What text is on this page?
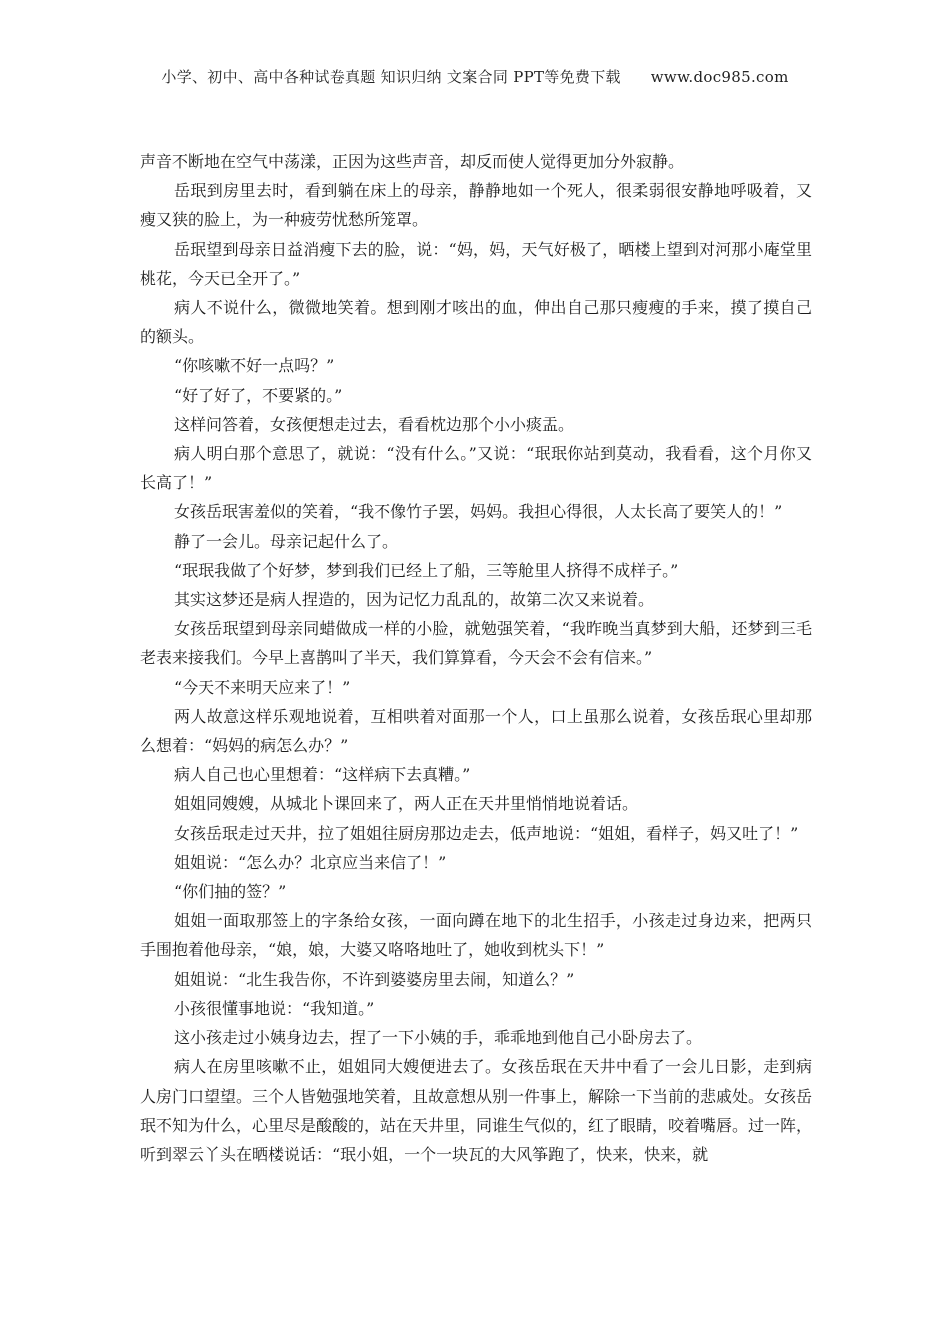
小学、初中、高中各种试卷真题 知识归纳 文案合同 PPT等免费下载 www.doc985.com

声音不断地在空气中荡漾，正因为这些声音，却反而使人觉得更加分外寂静。

岳珉到房里去时，看到躺在床上的母亲，静静地如一个死人，很柔弱很安静地呼吸着，又瘦又狭的脸上，为一种疲劳忧愁所笼罩。

岳珉望到母亲日益消瘦下去的脸，说：“妈，妈，天气好极了，晒楼上望到对河那小庵堂里桃花，今天已全开了。”

病人不说什么，微微地笑着。想到刚才咳出的血，伸出自己那只瘦瘦的手来，摸了摸自己的额头。

“你咳嗽不好一点吗？”

“好了好了，不要紧的。”

这样问答着，女孩便想走过去，看看枕边那个小小痰盂。

病人明白那个意思了，就说：“没有什么。”又说：“珉珉你站到莫动，我看看，这个月你又长高了！”

女孩岳珉害羞似的笑着，“我不像竹子罢，妈妈。我担心得很，人太长高了要笑人的！”

静了一会儿。母亲记起什么了。

“珉珉我做了个好梦，梦到我们已经上了船，三等舱里人挤得不成样子。”

其实这梦还是病人捏造的，因为记忆力乱乱的，故第二次又来说着。

女孩岳珉望到母亲同蜡做成一样的小脸，就勉强笑着，“我昨晚当真梦到大船，还梦到三毛老表来接我们。今早上喜鹊叫了半天，我们算算看，今天会不会有信来。”

“今天不来明天应来了！”

两人故意这样乐观地说着，互相哄着对面那一个人，口上虽那么说着，女孩岳珉心里却那么想着：“妈妈的病怎么办？”

病人自己也心里想着：“这样病下去真糟。”

姐姐同嫂嫂，从城北卜课回来了，两人正在天井里悄悄地说着话。

女孩岳珉走过天井，拉了姐姐往厨房那边走去，低声地说：“姐姐，看样子，妈又吐了！”

姐姐说：“怎么办？北京应当来信了！”

“你们抽的签？”

姐姐一面取那签上的字条给女孩，一面向蹲在地下的北生招手，小孩走过身边来，把两只手围抱着他母亲，“娘，娘，大婆又咯咯地吐了，她收到枕头下！”

姐姐说：“北生我告你，不许到婆婆房里去闹，知道么？”

小孩很懂事地说：“我知道。”

这小孩走过小姨身边去，捏了一下小姨的手，乖乖地到他自己小卧房去了。

病人在房里咳嗽不止，姐姐同大嫂便进去了。女孩岳珉在天井中看了一会儿日影，走到病人房门口望望。三个人皆勉强地笑着，且故意想从别一件事上，解除一下当前的悲戚处。女孩岳珉不知为什么，心里尽是酸酸的，站在天井里，同谁生气似的，红了眼睛，咬着嘴唇。过一阵，听到翠云丫头在晒楼说话：“珉小姐，一个一块瓦的大风筝跑了，快来，快来，就
